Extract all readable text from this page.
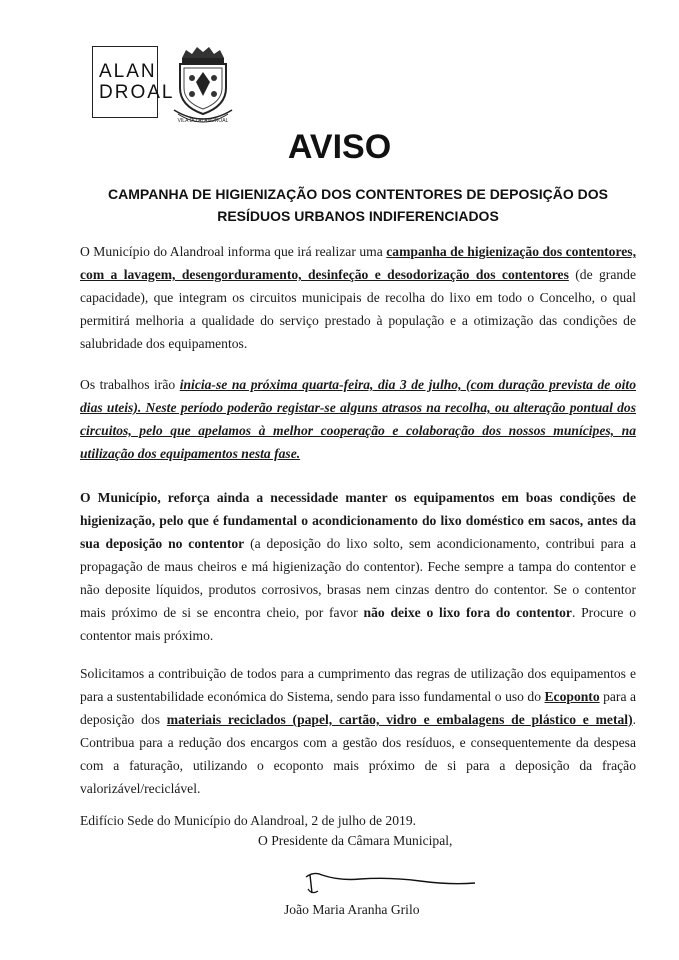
ALAN
DROAL
VILA DO ALANDROAL
AVISO
CAMPANHA DE HIGIENIZAÇÃO DOS CONTENTORES DE DEPOSIÇÃO DOS RESÍDUOS URBANOS INDIFERENCIADOS

O Município do Alandroal informa que irá realizar uma campanha de higienização dos contentores, com a lavagem, desengorduramento, desinfeção e desodorização dos contentores (de grande capacidade), que integram os circuitos municipais de recolha do lixo em todo o Concelho, o qual permitirá melhoria a qualidade do serviço prestado à população e a otimização das condições de salubridade dos equipamentos.

Os trabalhos irão inicia-se na próxima quarta-feira, dia 3 de julho, (com duração prevista de oito dias uteis). Neste período poderão registar-se alguns atrasos na recolha, ou alteração pontual dos circuitos, pelo que apelamos à melhor cooperação e colaboração dos nossos munícipes, na utilização dos equipamentos nesta fase.

O Município, reforça ainda a necessidade manter os equipamentos em boas condições de higienização, pelo que é fundamental o acondicionamento do lixo doméstico em sacos, antes da sua deposição no contentor (a deposição do lixo solto, sem acondicionamento, contribui para a propagação de maus cheiros e má higienização do contentor). Feche sempre a tampa do contentor e não deposite líquidos, produtos corrosivos, brasas nem cinzas dentro do contentor. Se o contentor mais próximo de si se encontra cheio, por favor não deixe o lixo fora do contentor. Procure o contentor mais próximo.

Solicitamos a contribuição de todos para a cumprimento das regras de utilização dos equipamentos e para a sustentabilidade económica do Sistema, sendo para isso fundamental o uso do Ecoponto para a deposição dos materiais reciclados (papel, cartão, vidro e embalagens de plástico e metal). Contribua para a redução dos encargos com a gestão dos resíduos, e consequentemente da despesa com a faturação, utilizando o ecoponto mais próximo de si para a deposição da fração valorizável/reciclável.

Edifício Sede do Município do Alandroal, 2 de julho de 2019.
O Presidente da Câmara Municipal,
João Maria Aranha Grilo
